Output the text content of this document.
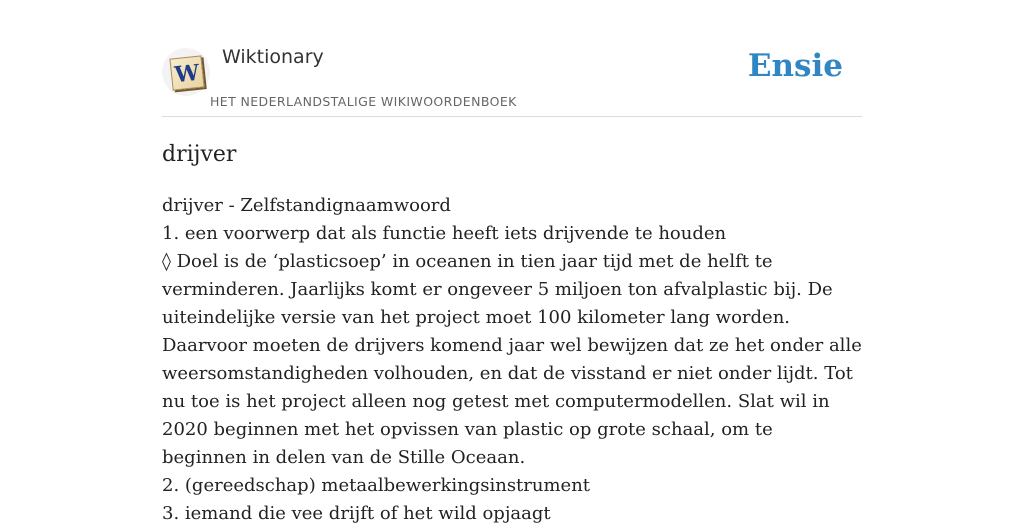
W
Wiktionary
HET NEDERLANDSTALIGE WIKIWOORDENBOEK
Ensie
drijver
drijver - Zelfstandignaamwoord
1. een voorwerp dat als functie heeft iets drijvende te houden
◊ Doel is de ‘plasticsoep’ in oceanen in tien jaar tijd met de helft te verminderen. Jaarlijks komt er ongeveer 5 miljoen ton afvalplastic bij. De uiteindelijke versie van het project moet 100 kilometer lang worden. Daarvoor moeten de drijvers komend jaar wel bewijzen dat ze het onder alle weersomstandigheden volhouden, en dat de visstand er niet onder lijdt. Tot nu toe is het project alleen nog getest met computermodellen. Slat wil in 2020 beginnen met het opvissen van plastic op grote schaal, om te beginnen in delen van de Stille Oceaan.
2. (gereedschap) metaalbewerkingsinstrument
3. iemand die vee drijft of het wild opjaagt
